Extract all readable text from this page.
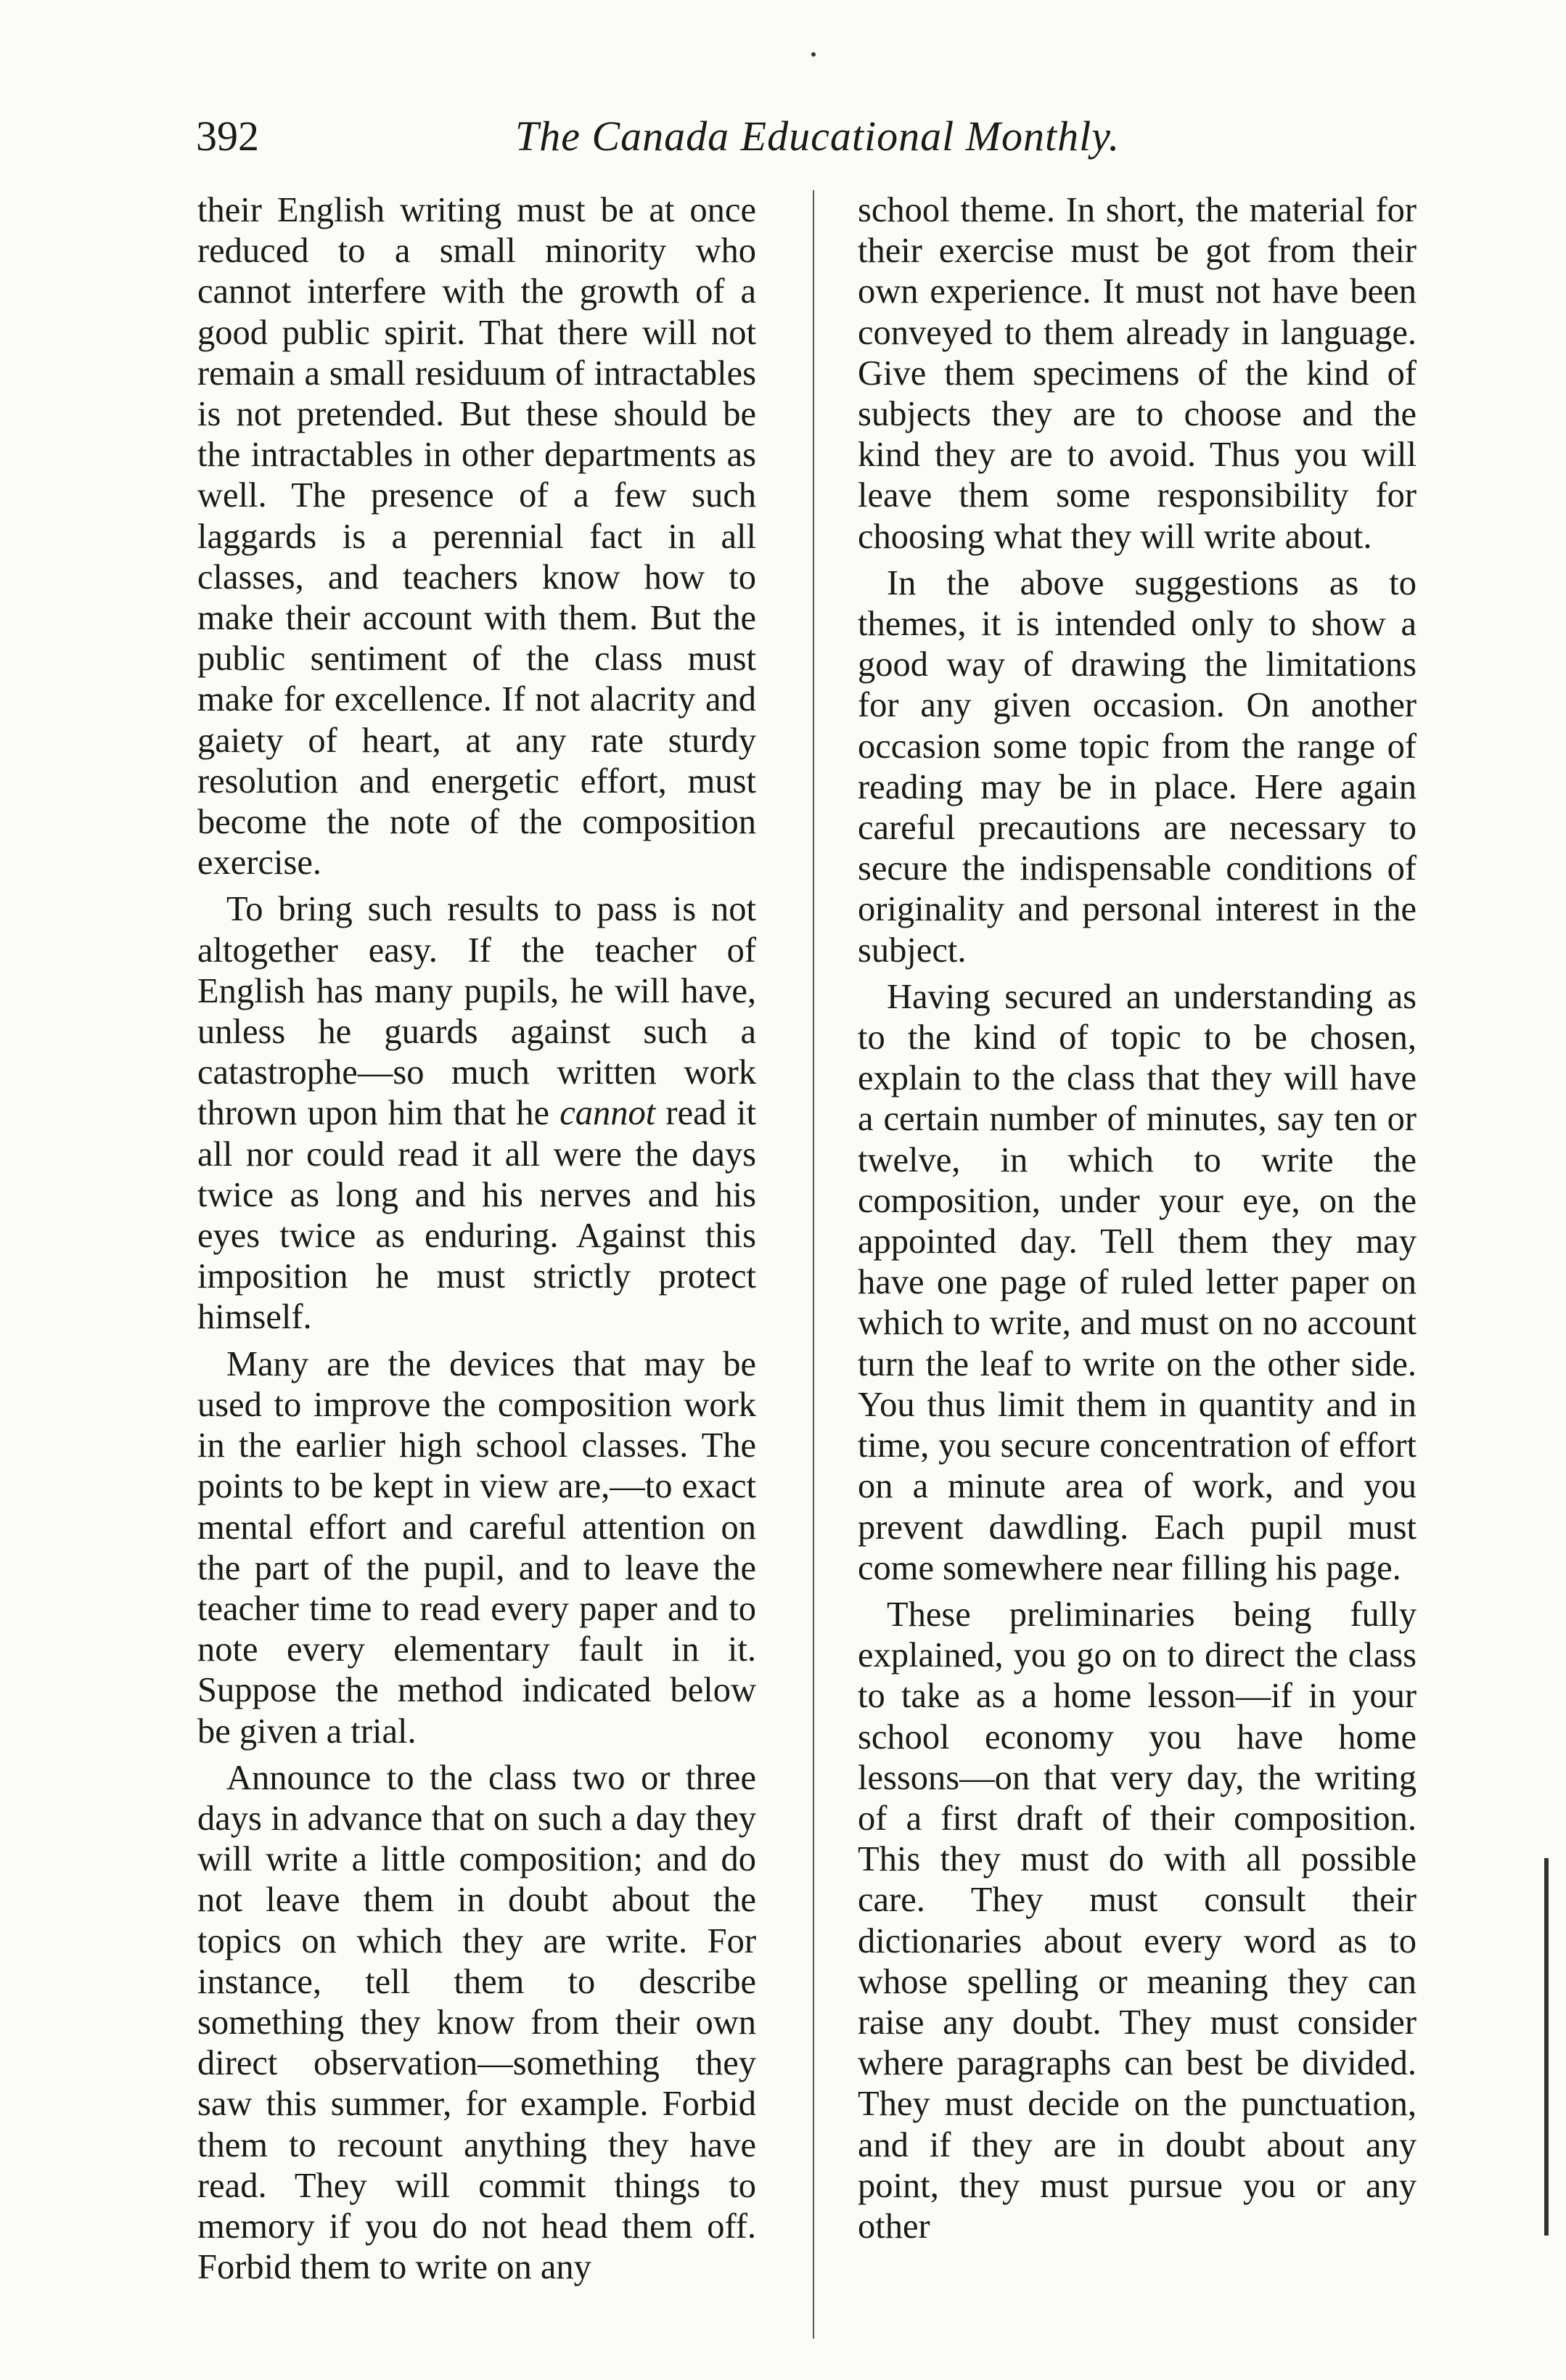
392	The Canada Educational Monthly.

their English writing must be at once reduced to a small minority who cannot interfere with the growth of a good public spirit. That there will not remain a small residuum of intractables is not pretended. But these should be the intractables in other departments as well. The presence of a few such laggards is a perennial fact in all classes, and teachers know how to make their account with them. But the public sentiment of the class must make for excellence. If not alacrity and gaiety of heart, at any rate sturdy resolution and energetic effort, must become the note of the composition exercise.

To bring such results to pass is not altogether easy. If the teacher of English has many pupils, he will have, unless he guards against such a catastrophe—so much written work thrown upon him that he cannot read it all nor could read it all were the days twice as long and his nerves and his eyes twice as enduring. Against this imposition he must strictly protect himself.

Many are the devices that may be used to improve the composition work in the earlier high school classes. The points to be kept in view are,—to exact mental effort and careful attention on the part of the pupil, and to leave the teacher time to read every paper and to note every elementary fault in it. Suppose the method indicated below be given a trial.

Announce to the class two or three days in advance that on such a day they will write a little composition; and do not leave them in doubt about the topics on which they are write. For instance, tell them to describe something they know from their own direct observation—something they saw this summer, for example. Forbid them to recount anything they have read. They will commit things to memory if you do not head them off. Forbid them to write on any

school theme. In short, the material for their exercise must be got from their own experience. It must not have been conveyed to them already in language. Give them specimens of the kind of subjects they are to choose and the kind they are to avoid. Thus you will leave them some responsibility for choosing what they will write about.

In the above suggestions as to themes, it is intended only to show a good way of drawing the limitations for any given occasion. On another occasion some topic from the range of reading may be in place. Here again careful precautions are necessary to secure the indispensable conditions of originality and personal interest in the subject.

Having secured an understanding as to the kind of topic to be chosen, explain to the class that they will have a certain number of minutes, say ten or twelve, in which to write the composition, under your eye, on the appointed day. Tell them they may have one page of ruled letter paper on which to write, and must on no account turn the leaf to write on the other side. You thus limit them in quantity and in time, you secure concentration of effort on a minute area of work, and you prevent dawdling. Each pupil must come somewhere near filling his page.

These preliminaries being fully explained, you go on to direct the class to take as a home lesson—if in your school economy you have home lessons—on that very day, the writing of a first draft of their composition. This they must do with all possible care. They must consult their dictionaries about every word as to whose spelling or meaning they can raise any doubt. They must consider where paragraphs can best be divided. They must decide on the punctuation, and if they are in doubt about any point, they must pursue you or any other
